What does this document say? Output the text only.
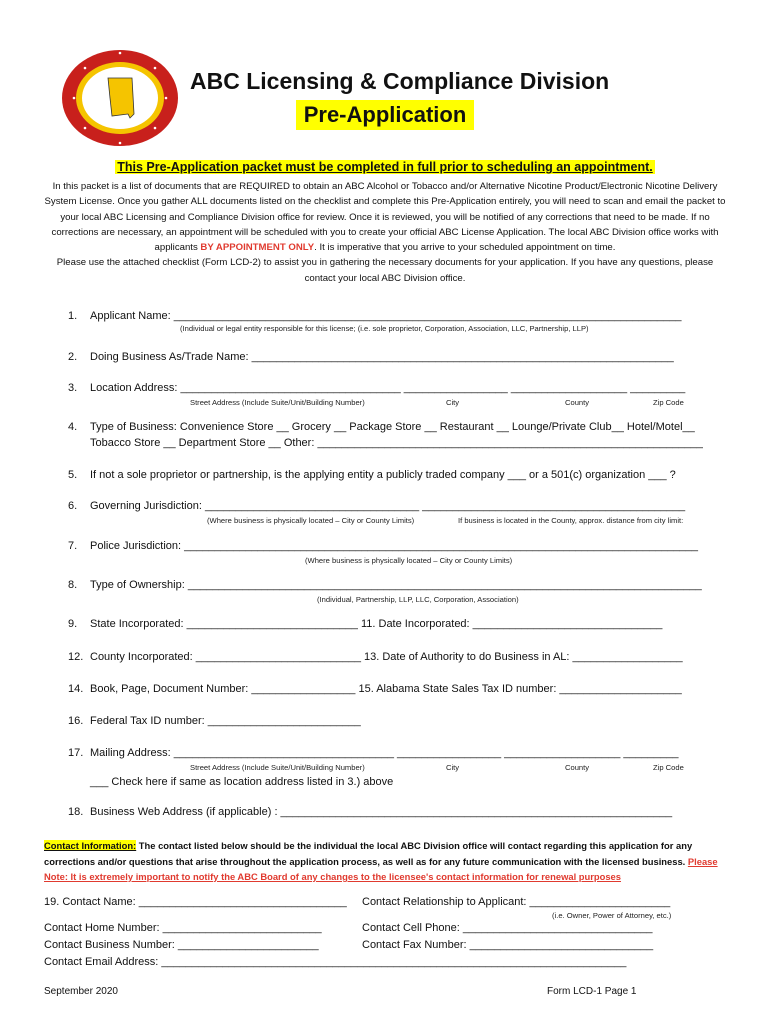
ABC Licensing & Compliance Division
Pre-Application
This Pre-Application packet must be completed in full prior to scheduling an appointment.
In this packet is a list of documents that are REQUIRED to obtain an ABC Alcohol or Tobacco and/or Alternative Nicotine Product/Electronic Nicotine Delivery System License. Once you gather ALL documents listed on the checklist and complete this Pre-Application entirely, you will need to scan and email the packet to your local ABC Licensing and Compliance Division office for review. Once it is reviewed, you will be notified of any corrections that need to be made. If no corrections are necessary, an appointment will be scheduled with you to create your official ABC License Application. The local ABC Division office works with applicants BY APPOINTMENT ONLY. It is imperative that you arrive to your scheduled appointment on time.
Please use the attached checklist (Form LCD-2) to assist you in gathering the necessary documents for your application. If you have any questions, please contact your local ABC Division office.
1. Applicant Name: ___________________________________________________________________________________
(Individual or legal entity responsible for this license; (i.e. sole proprietor, Corporation, Association, LLC, Partnership, LLP)
2. Doing Business As/Trade Name: _____________________________________________________________________
3. Location Address: ____________________________________ _________________ ___________________ _________
Street Address (Include Suite/Unit/Building Number)	City	County	Zip Code
4. Type of Business: Convenience Store __ Grocery __ Package Store __ Restaurant __ Lounge/Private Club__ Hotel/Motel__
Tobacco Store __ Department Store __ Other: _______________________________________________________________
5. If not a sole proprietor or partnership, is the applying entity a publicly traded company ___ or a 501(c) organization ___ ?
6. Governing Jurisdiction: ___________________________________ ___________________________________________
(Where business is physically located – City or County Limits)	If business is located in the County, approx. distance from city limit:
7. Police Jurisdiction: ____________________________________________________________________________________
(Where business is physically located – City or County Limits)
8. Type of Ownership: ____________________________________________________________________________________
(Individual, Partnership, LLP, LLC, Corporation, Association)
9. State Incorporated: ____________________________ 11. Date Incorporated: _______________________________
12. County Incorporated: ___________________________ 13. Date of Authority to do Business in AL: __________________
14. Book, Page, Document Number: _________________ 15. Alabama State Sales Tax ID number: ____________________
16. Federal Tax ID number: _________________________
17. Mailing Address: ____________________________________ _________________ ___________________ _________
Street Address (Include Suite/Unit/Building Number)	City	County	Zip Code
___ Check here if same as location address listed in 3.) above
18. Business Web Address (if applicable) : ________________________________________________________________
Contact Information: The contact listed below should be the individual the local ABC Division office will contact regarding this application for any corrections and/or questions that arise throughout the application process, as well as for any future communication with the licensed business. Please Note: It is extremely important to notify the ABC Board of any changes to the licensee's contact information for renewal purposes
19. Contact Name: __________________________________ Contact Relationship to Applicant: _______________________
(i.e. Owner, Power of Attorney, etc.)
Contact Home Number: __________________________	Contact Cell Phone: _______________________________
Contact Business Number: _______________________	Contact Fax Number: ______________________________
Contact Email Address: ____________________________________________________________________________
September 2020	Form LCD-1 Page 1
